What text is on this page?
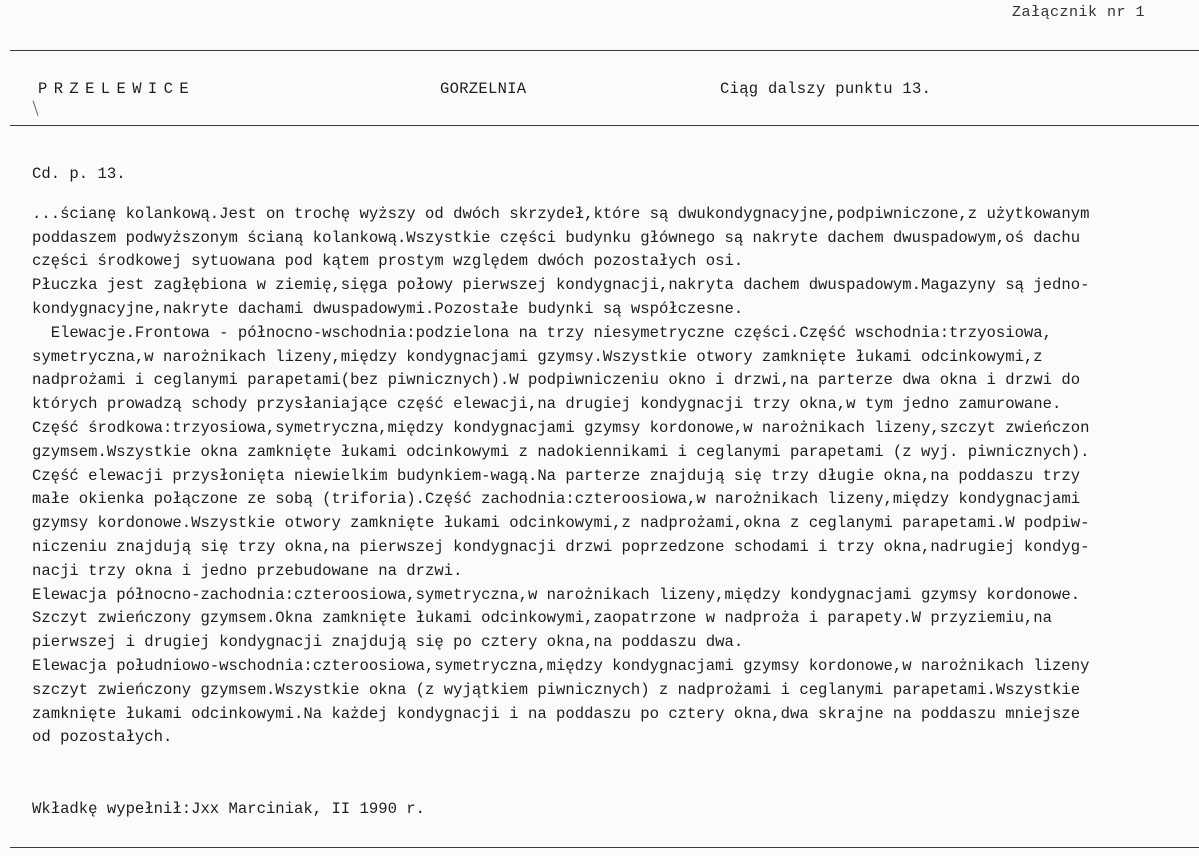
Załącznik nr 1
PRZELEWICE	GORZELNIA	Ciąg dalszy punktu 13.
Cd. p. 13.
...ścianę kolankową.Jest on trochę wyższy od dwóch skrzydeł,które są dwukondygnacyjne,podpiwniczone,z użytkowanym
poddaszem podwyższonym ścianą kolankową.Wszystkie części budynku głównego są nakryte dachem dwuspadowym,oś dachu
części środkowej sytuowana pod kątem prostym względem dwóch pozostałych osi.
Płuczka jest zagłębiona w ziemię,sięga połowy pierwszej kondygnacji,nakryta dachem dwuspadowym.Magazyny są jedno-
kondygnacyjne,nakryte dachami dwuspadowymi.Pozostałe budynki są współczesne.
Elewacje.Frontowa - północno-wschodnia:podzielona na trzy niesymetryczne części.Część wschodnia:trzyosiowa,
symetryczna,w narożnikach lizeny,między kondygnacjami gzymsy.Wszystkie otwory zamknięte łukami odcinkowymi,z
nadprożami i ceglanymi parapetami(bez piwnicznych).W podpiwniczeniu okno i drzwi,na parterze dwa okna i drzwi do
których prowadzą schody przysłaniające część elewacji,na drugiej kondygnacji trzy okna,w tym jedno zamurowane.
Część środkowa:trzyosiowa,symetryczna,między kondygnacjami gzymsy kordonowe,w narożnikach lizeny,szczyt zwieńczon
gzymsem.Wszystkie okna zamknięte łukami odcinkowymi z nadokiennikami i ceglanymi parapetami (z wyj. piwnicznych).
Część elewacji przysłonięta niewielkim budynkiem-wagą.Na parterze znajdują się trzy długie okna,na poddaszu trzy
małe okienka połączone ze sobą (triforia).Część zachodnia:czteroosiowa,w narożnikach lizeny,między kondygnacjami
gzymsy kordonowe.Wszystkie otwory zamknięte łukami odcinkowymi,z nadprożami,okna z ceglanymi parapetami.W podpiw-
niczeniu znajdują się trzy okna,na pierwszej kondygnacji drzwi poprzedzone schodami i trzy okna,nadrugiej kondyg-
nacji trzy okna i jedno przebudowane na drzwi.
Elewacja północno-zachodnia:czteroosiowa,symetryczna,w narożnikach lizeny,między kondygnacjami gzymsy kordonowe.
Szczyt zwieńczony gzymsem.Okna zamknięte łukami odcinkowymi,zaopatrzone w nadproża i parapety.W przyziemiu,na
pierwszej i drugiej kondygnacji znajdują się po cztery okna,na poddaszu dwa.
Elewacja południowo-wschodnia:czteroosiowa,symetryczna,między kondygnacjami gzymsy kordonowe,w narożnikach lizeny
szczyt zwieńczony gzymsem.Wszystkie okna (z wyjątkiem piwnicznych) z nadprożami i ceglanymi parapetami.Wszystkie
zamknięte łukami odcinkowymi.Na każdej kondygnacji i na poddaszu po cztery okna,dwa skrajne na poddaszu mniejsze
od pozostałych.
Wkładkę wypełnił:Jxx Marciniak, II 1990 r.
